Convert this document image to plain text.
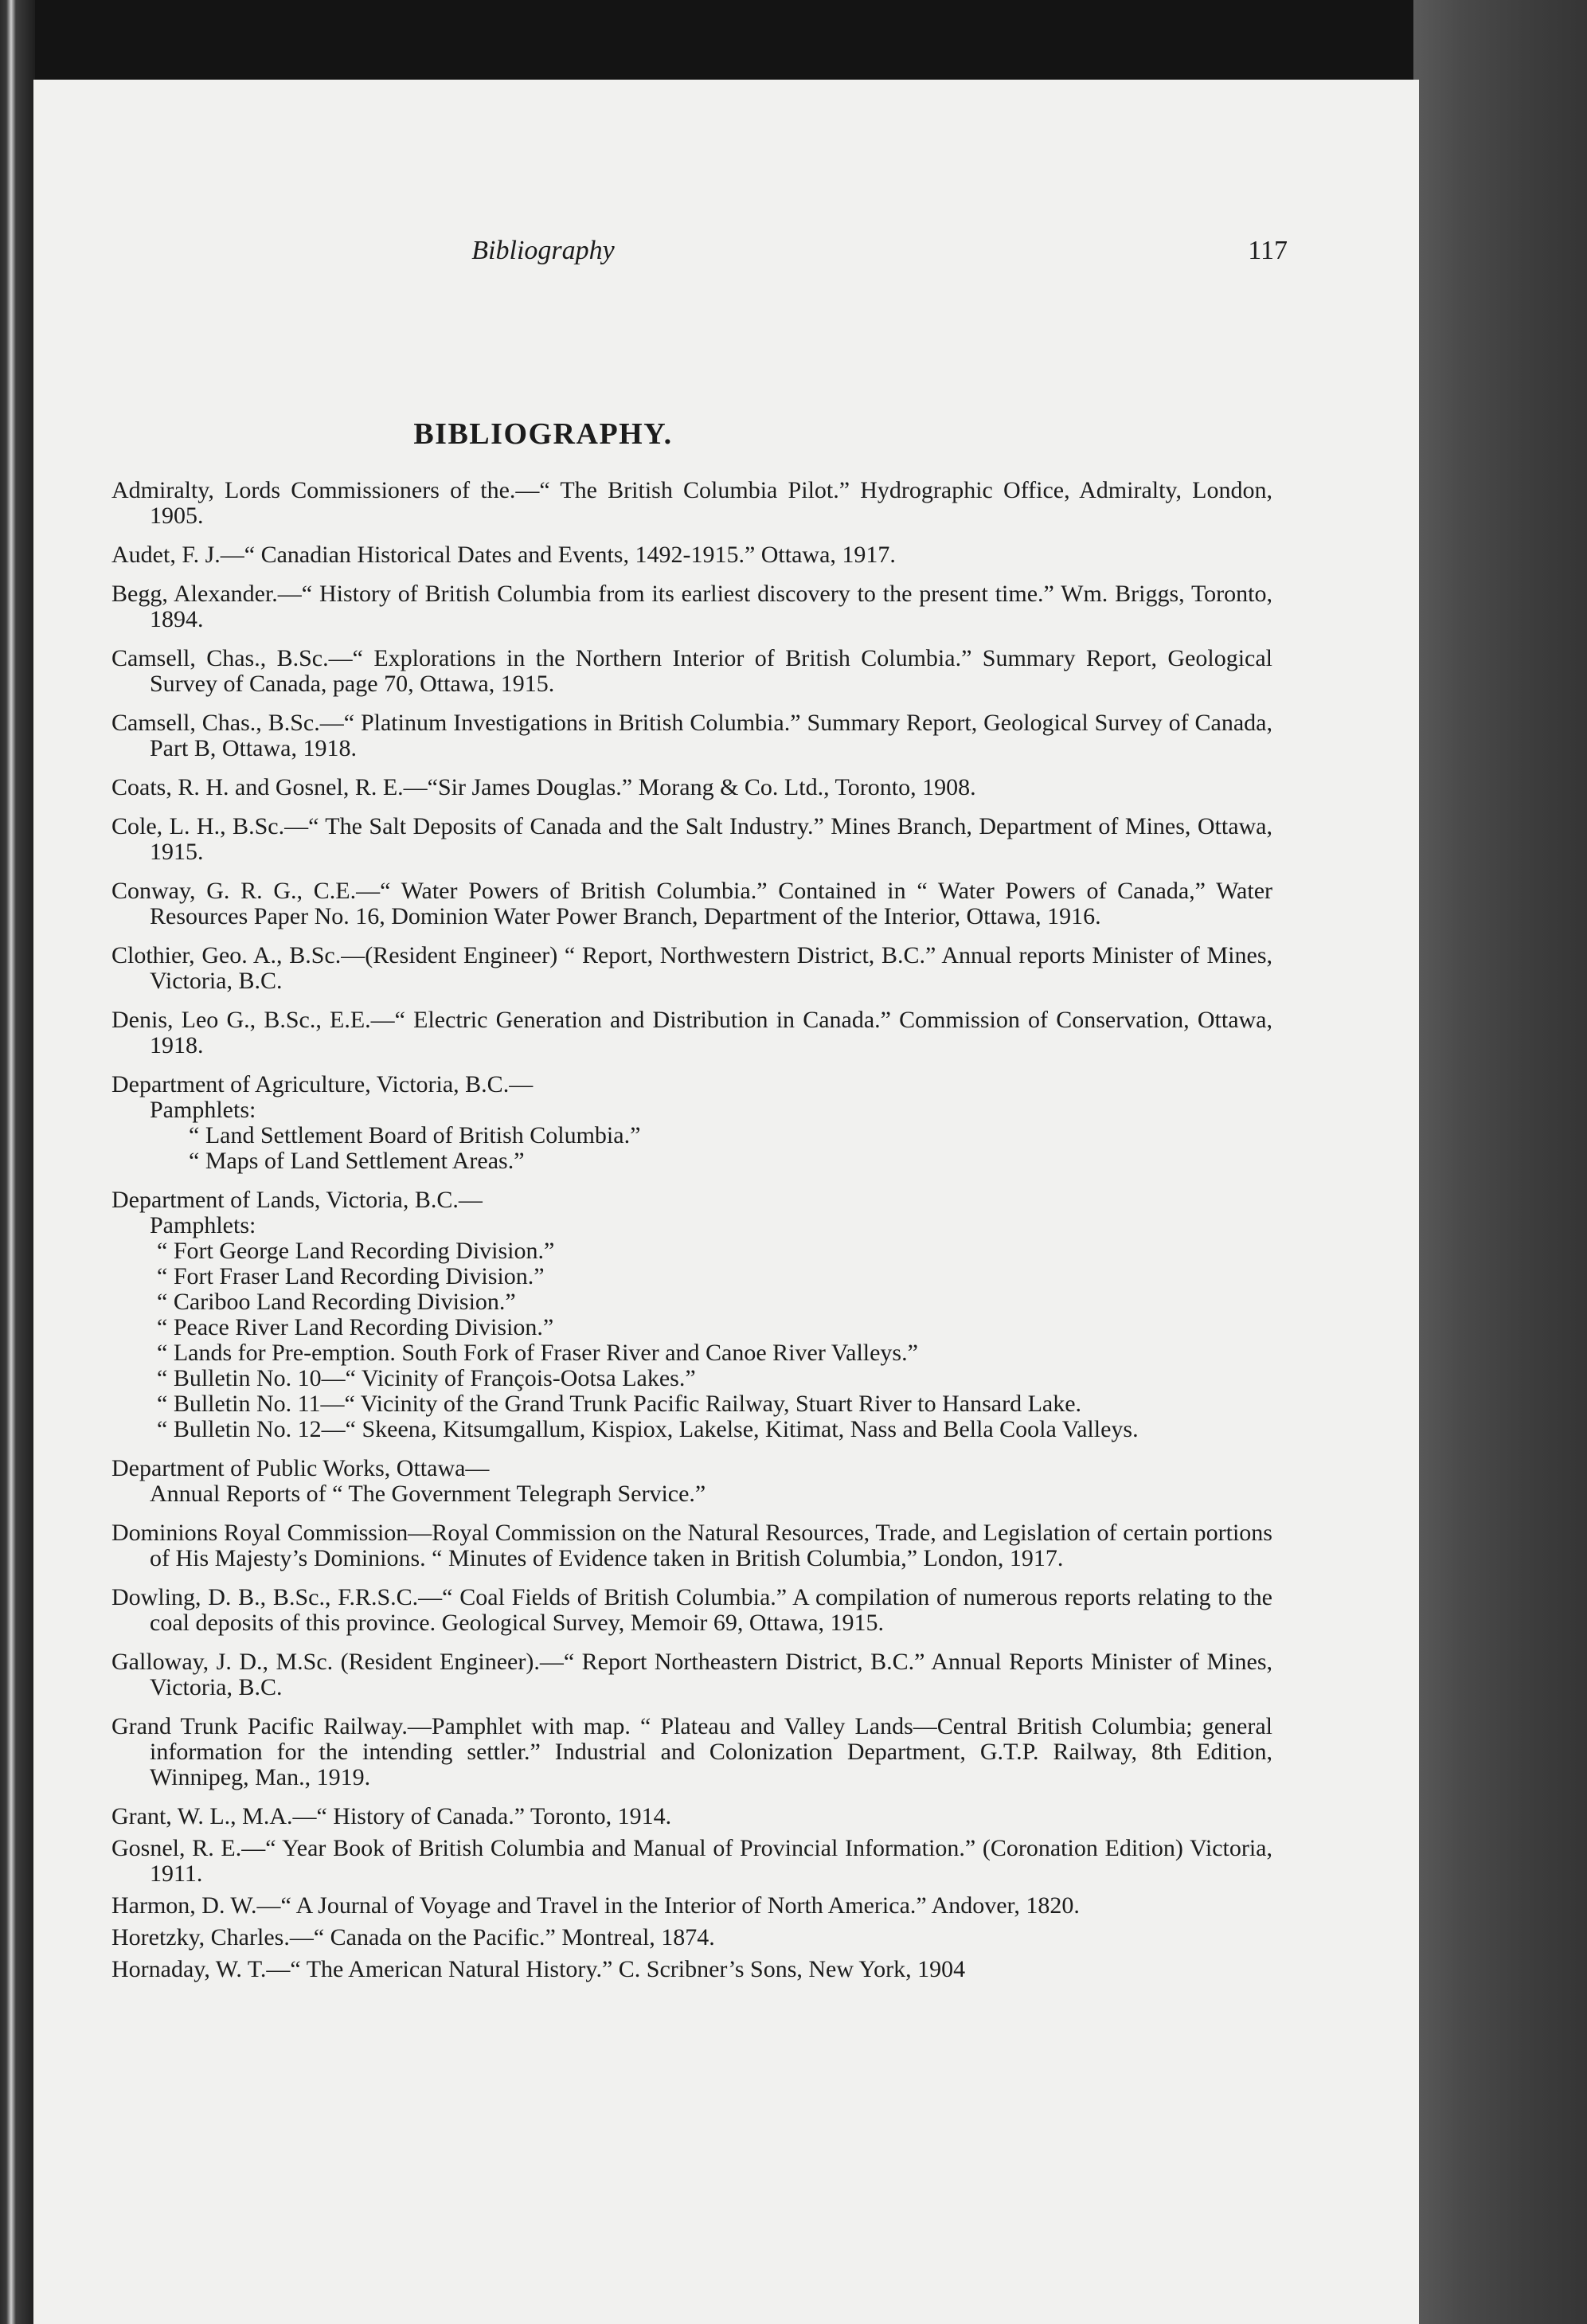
Bibliography	117
BIBLIOGRAPHY.

Admiralty, Lords Commissioners of the.—“ The British Columbia Pilot.” Hydrographic Office, Admiralty, London, 1905.

Audet, F. J.—“ Canadian Historical Dates and Events, 1492-1915.” Ottawa, 1917.

Begg, Alexander.—“ History of British Columbia from its earliest discovery to the present time.” Wm. Briggs, Toronto, 1894.

Camsell, Chas., B.Sc.—“ Explorations in the Northern Interior of British Columbia.” Summary Report, Geological Survey of Canada, page 70, Ottawa, 1915.

Camsell, Chas., B.Sc.—“ Platinum Investigations in British Columbia.” Summary Report, Geological Survey of Canada, Part B, Ottawa, 1918.

Coats, R. H. and Gosnel, R. E.—“Sir James Douglas.” Morang & Co. Ltd., Toronto, 1908.

Cole, L. H., B.Sc.—“ The Salt Deposits of Canada and the Salt Industry.” Mines Branch, Department of Mines, Ottawa, 1915.

Conway, G. R. G., C.E.—“ Water Powers of British Columbia.” Contained in “ Water Powers of Canada,” Water Resources Paper No. 16, Dominion Water Power Branch, Department of the Interior, Ottawa, 1916.

Clothier, Geo. A., B.Sc.—(Resident Engineer) “ Report, Northwestern District, B.C.” Annual reports Minister of Mines, Victoria, B.C.

Denis, Leo G., B.Sc., E.E.—“ Electric Generation and Distribution in Canada.” Commission of Conservation, Ottawa, 1918.

Department of Agriculture, Victoria, B.C.—

Pamphlets:

“ Land Settlement Board of British Columbia.”

“ Maps of Land Settlement Areas.”

Department of Lands, Victoria, B.C.—

Pamphlets:

“ Fort George Land Recording Division.”

“ Fort Fraser Land Recording Division.”

“ Cariboo Land Recording Division.”

“ Peace River Land Recording Division.”

“ Lands for Pre-emption. South Fork of Fraser River and Canoe River Valleys.”

“ Bulletin No. 10—“ Vicinity of François-Ootsa Lakes.”

“ Bulletin No. 11—“ Vicinity of the Grand Trunk Pacific Railway, Stuart River to Hansard Lake.

“ Bulletin No. 12—“ Skeena, Kitsumgallum, Kispiox, Lakelse, Kitimat, Nass and Bella Coola Valleys.

Department of Public Works, Ottawa—

Annual Reports of “ The Government Telegraph Service.”

Dominions Royal Commission—Royal Commission on the Natural Resources, Trade, and Legislation of certain portions of His Majesty’s Dominions. “ Minutes of Evidence taken in British Columbia,” London, 1917.

Dowling, D. B., B.Sc., F.R.S.C.—“ Coal Fields of British Columbia.” A compilation of numerous reports relating to the coal deposits of this province. Geological Survey, Memoir 69, Ottawa, 1915.

Galloway, J. D., M.Sc. (Resident Engineer).—“ Report Northeastern District, B.C.” Annual Reports Minister of Mines, Victoria, B.C.

Grand Trunk Pacific Railway.—Pamphlet with map. “ Plateau and Valley Lands—Central British Columbia; general information for the intending settler.” Industrial and Colonization Department, G.T.P. Railway, 8th Edition, Winnipeg, Man., 1919.

Grant, W. L., M.A.—“ History of Canada.” Toronto, 1914.

Gosnel, R. E.—“ Year Book of British Columbia and Manual of Provincial Information.” (Coronation Edition) Victoria, 1911.

Harmon, D. W.—“ A Journal of Voyage and Travel in the Interior of North America.” Andover, 1820.

Horetzky, Charles.—“ Canada on the Pacific.” Montreal, 1874.

Hornaday, W. T.—“ The American Natural History.” C. Scribner’s Sons, New York, 1904
